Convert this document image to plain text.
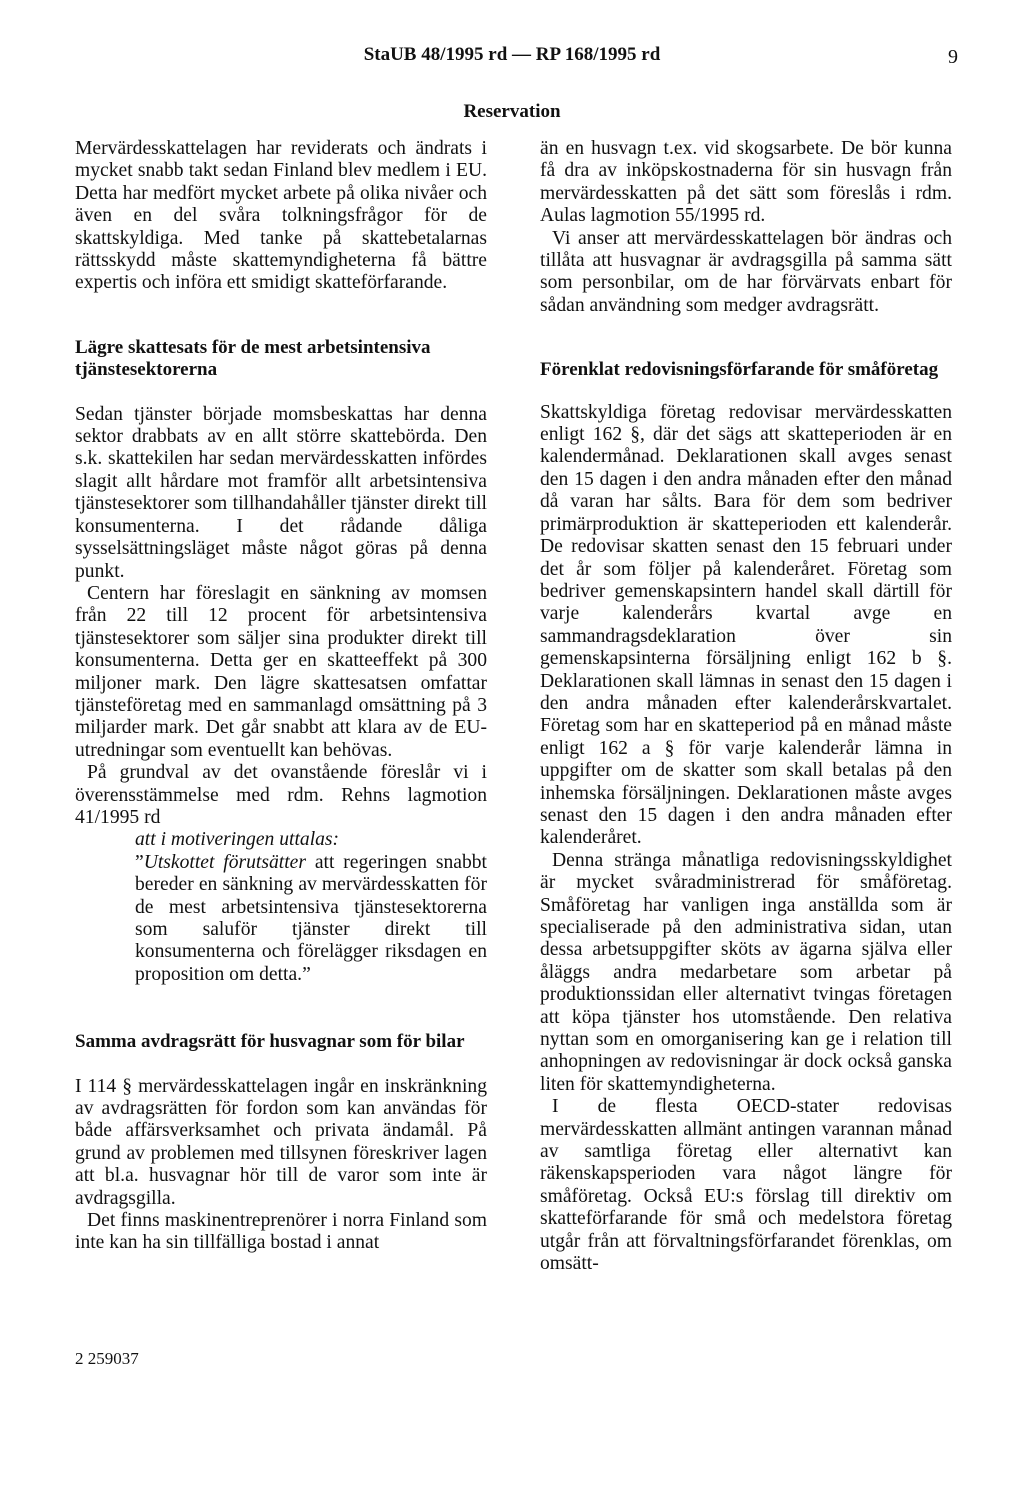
StaUB 48/1995 rd — RP 168/1995 rd	9
Reservation

Mervärdesskattelagen har reviderats och ändrats i mycket snabb takt sedan Finland blev medlem i EU. Detta har medfört mycket arbete på olika nivåer och även en del svåra tolkningsfrågor för de skattskyldiga. Med tanke på skattebetalarnas rättsskydd måste skattemyndigheterna få bättre expertis och införa ett smidigt skatteförfarande.

Lägre skattesats för de mest arbetsintensiva tjänstesektorerna

Sedan tjänster började momsbeskattas har denna sektor drabbats av en allt större skattebörda. Den s.k. skattekilen har sedan mervärdesskatten infördes slagit allt hårdare mot framför allt arbetsintensiva tjänstesektorer som tillhandahåller tjänster direkt till konsumenterna. I det rådande dåliga sysselsättningsläget måste något göras på denna punkt.

Centern har föreslagit en sänkning av momsen från 22 till 12 procent för arbetsintensiva tjänstesektorer som säljer sina produkter direkt till konsumenterna. Detta ger en skatteeffekt på 300 miljoner mark. Den lägre skattesatsen omfattar tjänsteföretag med en sammanlagd omsättning på 3 miljarder mark. Det går snabbt att klara av de EU-utredningar som eventuellt kan behövas.

På grundval av det ovanstående föreslår vi i överensstämmelse med rdm. Rehns lagmotion 41/1995 rd

att i motiveringen uttalas:
”Utskottet förutsätter att regeringen snabbt bereder en sänkning av mervärdesskatten för de mest arbetsintensiva tjänstesektorerna som saluför tjänster direkt till konsumenterna och förelägger riksdagen en proposition om detta.”
Samma avdragsrätt för husvagnar som för bilar

I 114 § mervärdesskattelagen ingår en inskränkning av avdragsrätten för fordon som kan användas för både affärsverksamhet och privata ändamål. På grund av problemen med tillsynen föreskriver lagen att bl.a. husvagnar hör till de varor som inte är avdragsgilla.

Det finns maskinentreprenörer i norra Finland som inte kan ha sin tillfälliga bostad i annat

än en husvagn t.ex. vid skogsarbete. De bör kunna få dra av inköpskostnaderna för sin husvagn från mervärdesskatten på det sätt som föreslås i rdm. Aulas lagmotion 55/1995 rd.

Vi anser att mervärdesskattelagen bör ändras och tillåta att husvagnar är avdragsgilla på samma sätt som personbilar, om de har förvärvats enbart för sådan användning som medger avdragsrätt.

Förenklat redovisningsförfarande för småföretag

Skattskyldiga företag redovisar mervärdesskatten enligt 162 §, där det sägs att skatteperioden är en kalendermånad. Deklarationen skall avges senast den 15 dagen i den andra månaden efter den månad då varan har sålts. Bara för dem som bedriver primärproduktion är skatteperioden ett kalenderår. De redovisar skatten senast den 15 februari under det år som följer på kalenderåret. Företag som bedriver gemenskapsintern handel skall därtill för varje kalenderårs kvartal avge en sammandragsdeklaration över sin gemenskapsinterna försäljning enligt 162 b §. Deklarationen skall lämnas in senast den 15 dagen i den andra månaden efter kalenderårskvartalet. Företag som har en skatteperiod på en månad måste enligt 162 a § för varje kalenderår lämna in uppgifter om de skatter som skall betalas på den inhemska försäljningen. Deklarationen måste avges senast den 15 dagen i den andra månaden efter kalenderåret.

Denna stränga månatliga redovisningsskyldighet är mycket svåradministrerad för småföretag. Småföretag har vanligen inga anställda som är specialiserade på den administrativa sidan, utan dessa arbetsuppgifter sköts av ägarna själva eller åläggs andra medarbetare som arbetar på produktionssidan eller alternativt tvingas företagen att köpa tjänster hos utomstående. Den relativa nyttan som en omorganisering kan ge i relation till anhopningen av redovisningar är dock också ganska liten för skattemyndigheterna.

I de flesta OECD-stater redovisas mervärdesskatten allmänt antingen varannan månad av samtliga företag eller alternativt kan räkenskapsperioden vara något längre för småföretag. Också EU:s förslag till direktiv om skatteförfarande för små och medelstora företag utgår från att förvaltningsförfarandet förenklas, om omsätt-

2 259037
